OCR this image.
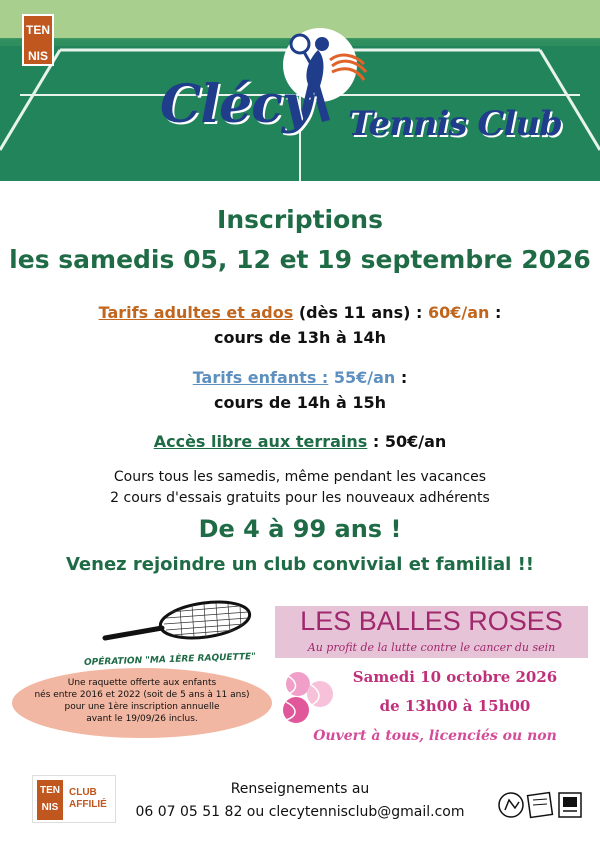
TEN
NIS
Clécy Tennis Club
Inscriptions
les samedis 05, 12 et 19 septembre 2026
Tarifs adultes et ados (dès 11 ans) : 60€/an :
cours de 13h à 14h
Tarifs enfants : 55€/an :
cours de 14h à 15h
Accès libre aux terrains : 50€/an
Cours tous les samedis, même pendant les vacances
2 cours d'essais gratuits pour les nouveaux adhérents
De 4 à 99 ans !
Venez rejoindre un club convivial et familial !!
OPÉRATION "MA 1ÈRE RAQUETTE"
Une raquette offerte aux enfants
nés entre 2016 et 2022 (soit de 5 ans à 11 ans)
pour une 1ère inscription annuelle
avant le 19/09/26 inclus.
LES BALLES ROSES
Au profit de la lutte contre le cancer du sein
Samedi 10 octobre 2026
de 13h00 à 15h00
Ouvert à tous, licenciés ou non
TEN
NIS
CLUB
AFFILIÉ
Renseignements au
06 07 05 51 82 ou clecytennisclub@gmail.com
